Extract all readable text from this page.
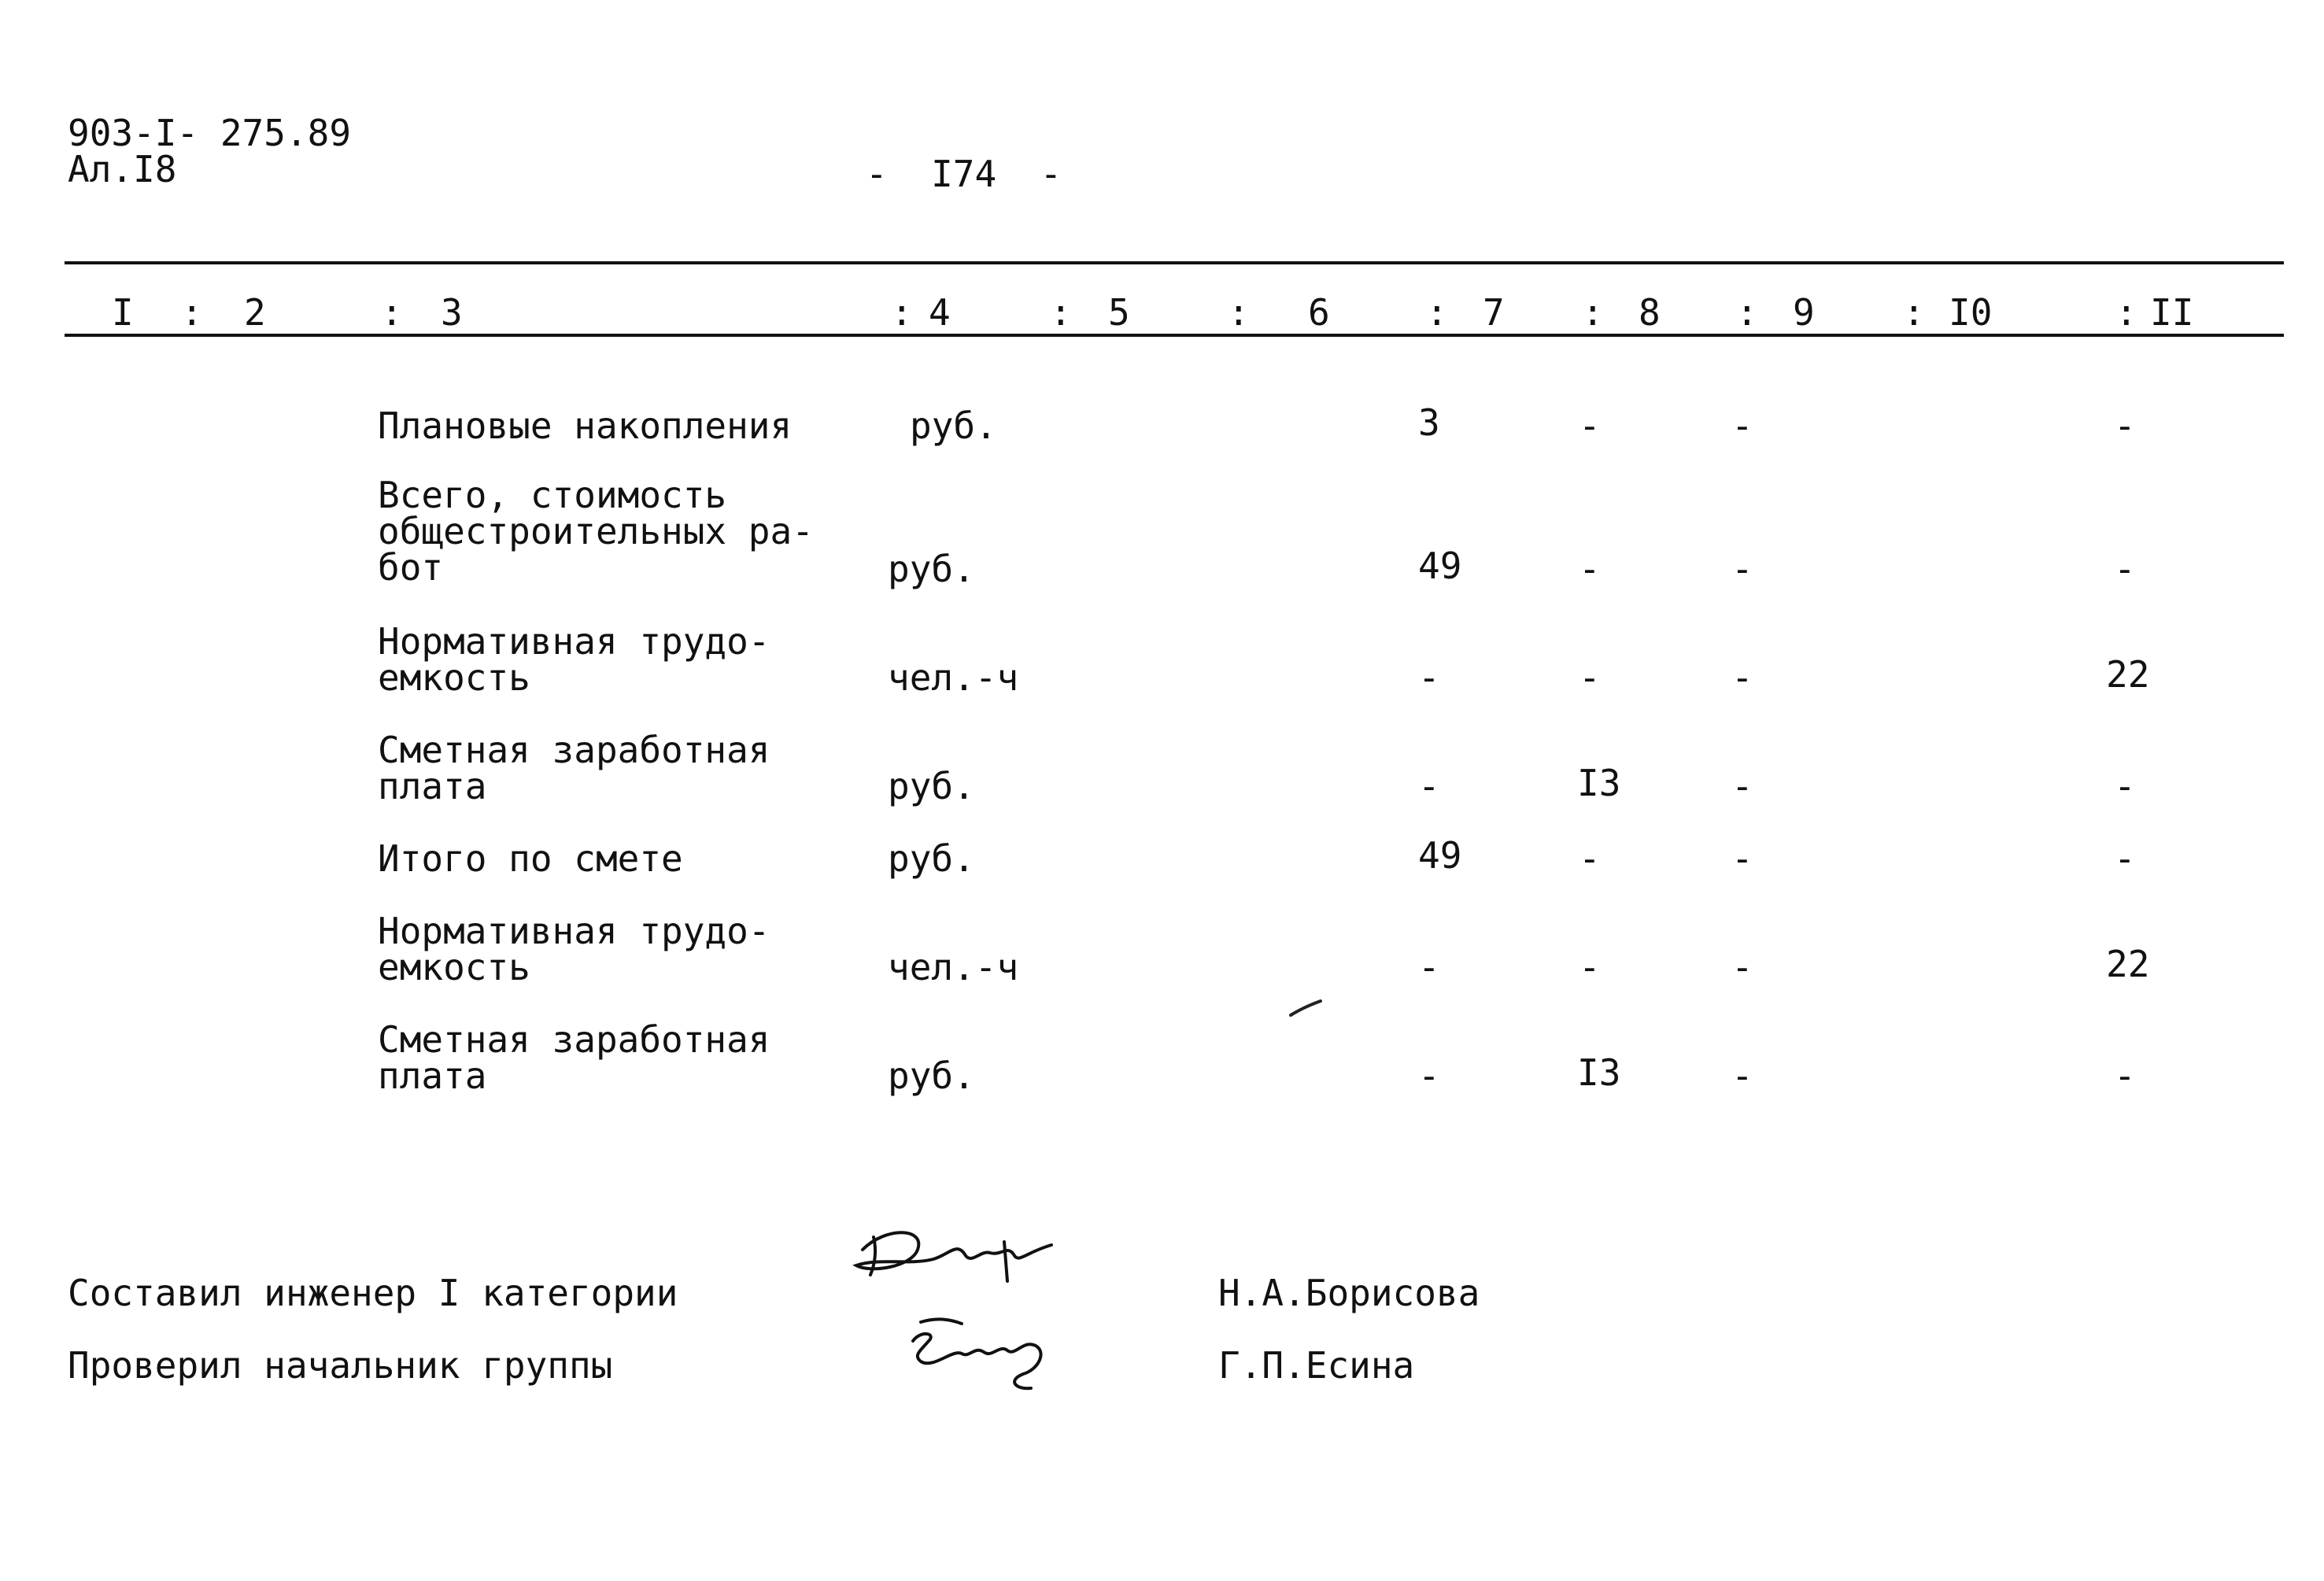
903-I- 275.89
Ал.I8	-  I74  -
I : 2	: 3	: 4	: 5	: 6	: 7 : 8 : 9 : I0	: II
Плановые накопления	руб.	3	-	-	-
Всего, стоимость
общестроительных ра-
бот	руб.	49	-	-	-
Нормативная трудо-
емкость	чел.-ч	-	-	-	22
Сметная заработная
плата	руб.	-	I3	-	-
Итого по смете	руб.	49	-	-	-
Нормативная трудо-
емкость	чел.-ч	-	-	-	22
Сметная заработная
плата	руб.	-	I3	-	-
Составил инженер I категории	Н.А.Борисова
Проверил начальник группы	Г.П.Есина
